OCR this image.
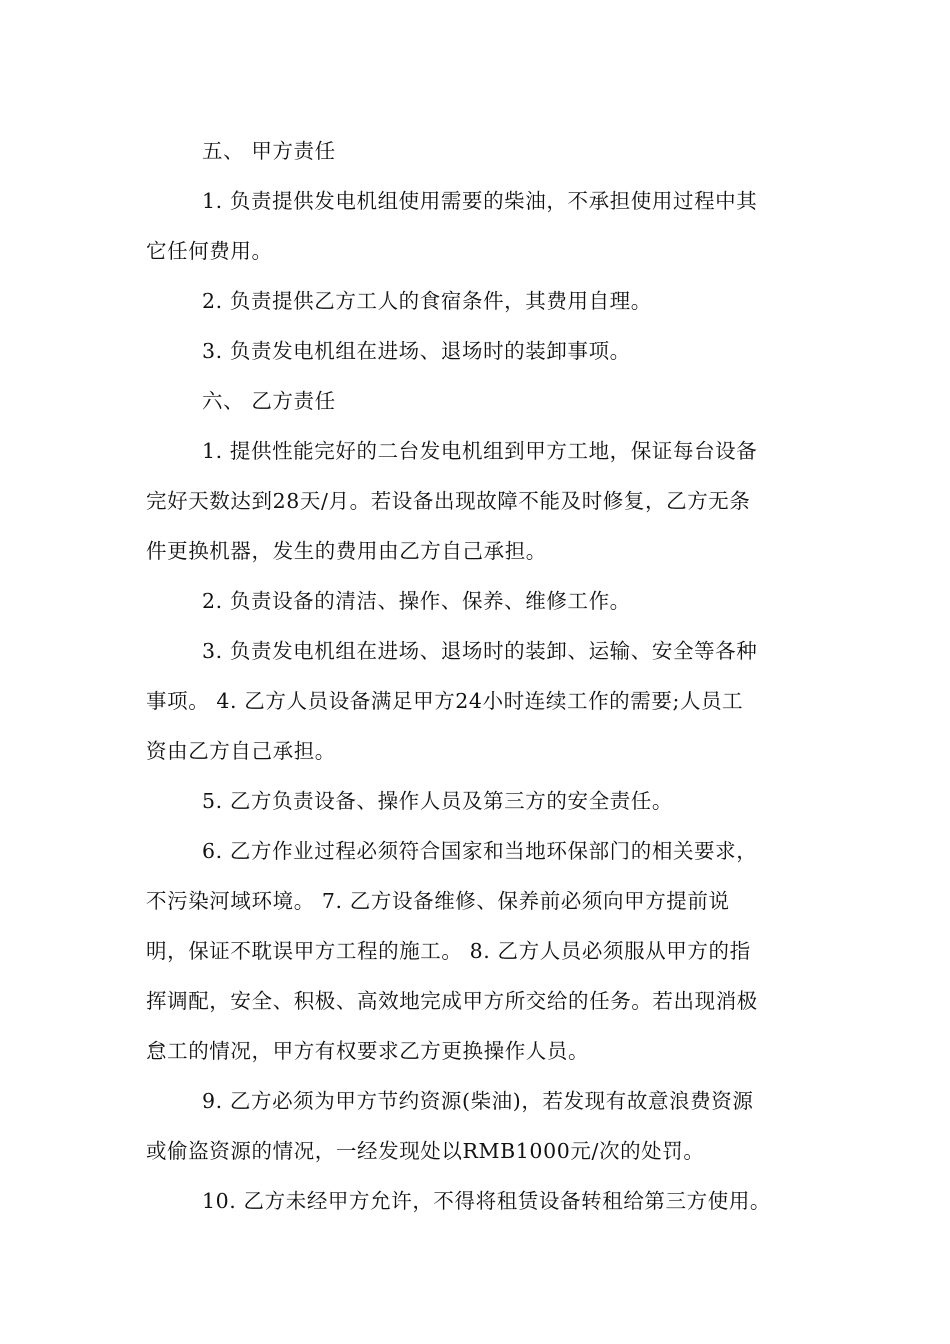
五、 甲方责任
1. 负责提供发电机组使用需要的柴油，不承担使用过程中其
它任何费用。
2. 负责提供乙方工人的食宿条件，其费用自理。
3. 负责发电机组在进场、退场时的装卸事项。
六、 乙方责任
1. 提供性能完好的二台发电机组到甲方工地，保证每台设备
完好天数达到28天/月。若设备出现故障不能及时修复，乙方无条
件更换机器，发生的费用由乙方自己承担。
2. 负责设备的清洁、操作、保养、维修工作。
3. 负责发电机组在进场、退场时的装卸、运输、安全等各种
事项。 4. 乙方人员设备满足甲方24小时连续工作的需要;人员工
资由乙方自己承担。
5. 乙方负责设备、操作人员及第三方的安全责任。
6. 乙方作业过程必须符合国家和当地环保部门的相关要求，
不污染河域环境。 7. 乙方设备维修、保养前必须向甲方提前说
明，保证不耽误甲方工程的施工。 8. 乙方人员必须服从甲方的指
挥调配，安全、积极、高效地完成甲方所交给的任务。若出现消极
怠工的情况，甲方有权要求乙方更换操作人员。
9. 乙方必须为甲方节约资源(柴油)，若发现有故意浪费资源
或偷盗资源的情况，一经发现处以RMB1000元/次的处罚。
10. 乙方未经甲方允许，不得将租赁设备转租给第三方使用。
